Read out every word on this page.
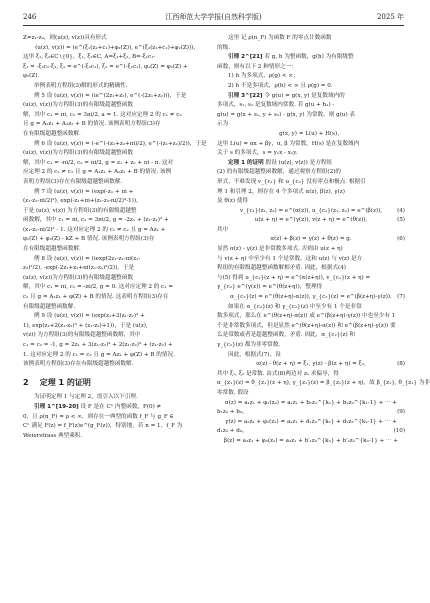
246	江西师范大学学报(自然科学版)	2025 年
Z=z₁-z₂，则(u(z), v(z))具有形式
(u(z), v(z)) = (e^(ξ₁(z₁+c₁)+φ₁(Z)), e^(ξ₂(z₁+c₁)+φ₂(Z)))，
这里 ξ₁, ξ₂∈C∖{0}，ξ₁, ξ₂∈C, A=ξ₁+ξ₂, B=-ξ₁c₁-
ξ₁ = -ξ₂c₁-ξ₂, ξ₁ = e^(-ξ₂c₁), ξ₂ = e^(-ξ₁c₁), φ₁(Z) = φ₂(Z) +
φ₂(Z).
举例表明方程组(3)解的形式的精确性.
例 5 设 (u(z), v(z)) = (ie^(2z₁+z₂), e^(-(2z₁+z₂)))，于是
(u(z), v(z))为方程组(3)的有限级超越整函数
解，其中 c₁ = πi, c₂ = 3πi/2, a = 1. 这对应定理 2 的 c₁ ≠ c₂
且 g = A₁z₁ + A₂z₂ + B 的情况. 该例表明方程组(3)存
在有限级超越整函数解.
例 6 设 (u(z), v(z)) = (-e^(-(z₁+z₂+πi)/2), e^(-(z₁+z₂)/2))，于是
(u(z), v(z))为方程组(3)的有限级超越整函数
解，其中 c₁ = -πi/2, c₂ = πi/2, g = z₁ + z₂ + πi - π. 这对
应定理 2 的 c₁ ≠ c₂ 且 g = A₁z₁ + A₂z₂ + B 的情况. 该例
表明方程组(3)存在有限级超越整函数解.
例 7 设 (u(z), v(z)) = (exp(-z₁ + πi +
(z₁-z₂-πi/2)²), exp(-z₁+πi+(z₁-z₂-πi/2)²-1))，
于是 (u(z), v(z)) 为方程组(3)的有限级超越整
函数解，其中 c₁ = πi, c₂ = 3πi/2, g = -2z₁ + (z₁-z₁)² +
(z₁-z₂-πi/2)² - 1. 这对应定理 2 的 c₁ ≠ c₂ 且 g = Az₁ +
φ₁(Z) + φ₂(Z) - kZ + B 情况. 该例表明方程组(3)存
在有限级超越整函数解.
例 8 设 (u(z), v(z)) = (iexp(2z₁-z₂-πi(z₁-
z₂)²/2), -exp(-2z₁+z₂+πi(z₁-z₂)²/2))，于是
(u(z), v(z))为方程组(3)的有限级超越整函数
解，其中 c₁ = πi, c₂ = -πi/2, g = 0. 这对应定理 2 的 c₁ =
c₂ 且 g = A₁z₁ + φ(Z) + B 的情况. 这表明方程组(3)存在
有限级超越整函数解.
例 9 设 (u(z), v(z)) = (exp(z₁+3(z₁-z₂)³ +
1), exp(z₁+2(z₁-z₂)³ + (z₁-z₂)+1))，于是 (u(z),
v(z)) 为方程组(3)的有限级超越整函数解，其中
c₁ = c₂ = -1, g = 2z₁ + 3(z₁-z₂)³ + 2(z₁-z₂)³ + (z₁-z₂) +
1. 这对应定理 2 的 c₁ = c₂ 且 g = Az₁ + φ(Z) + B 的情况.
该例表明方程组(3)存在有限级超越整函数解.
2 定理 1 的证明
为证明定理 1 与定理 2，需引入以下引理.
引理 1^[19-20] 设 F 是在 Cⁿ 内整函数，F(0) ≠
0，且 ρ(n_F) = ρ < ∞，则存在一典型的函数 f_F 与 g_F ∈
Cⁿ 满足 F(z) = f_F(z)e^(g_F(z))，特别地，若 n = 1，f_F 为
Weierstrass 典型乘积.
这里 记 ρ(n_F) 为函数 F 的零点计数函数
的级.
引理 2^[21] 若 g, h 为整函数，g(h) 为有限级整
函数，则有以下 2 种情形之一：
1) h 为多项式，ρ(g) < ∞；
2) h 不是多项式，ρ(h) < ∞ 且 ρ(g) = 0.
引理 3^[22] 令 g(u) = g(x, y) 是复数域内的
多项式，s₁, s₂ 是复数域内常数. 若 g(u + h₁) -
g(u) = g(x + s₁, y + s₂) - g(x, y) 为常数，则 g(u) 表
示为
g(x, y) = L(u) + H(s)，
这里 L(u) = αx + βy，α, β 为常数，H(s) 是在复数域内
关于 s 的多项式，s = y₁x - x₁y.
定理 1 的证明 假设 (u(z), v(z)) 是方程组
(2) 的有限级超越整函数解，通过观察方程组(2)的
形式，不难发现 v_{c₁} 和 u_{c₂} 没有零点和极点. 根据引
理 1 和引理 2，则存在 4 个多项式 α(z), β(z), γ(z)
及 θ(z) 使得
v_{c₁}(z₁, z₂) = e^(α(z)), u_{c₂}(z₁, z₂) = e^(β(z)),	(4)
u(z + η) = e^(γ(z)), v(z + η) = e^(θ(z)),	(5)
其中
α(z) + β(z) = γ(z) + θ(z) = g.	(6)
显然 α(z) - γ(z) 是非常数多项式. 否则由 u(z + η)
与 v(z + η) 中至少有 1 个是常数，这和 u(z) 与 v(z) 是方
程组的有限级超越整函数解相矛盾. 因此，根据式(4)
与(5) 得到 u_{c₂}(z + η) = e^(α(z+η)), v_{c₁}(z + η) =
γ_{c₂} e^(γ(z)) = e^(θ(z+η))，整理得
α_{c₂}(z) = e^(θ(z+η)-α(z)), γ_{c₂}(z) = e^(β(z+η)-γ(z)). (7)
如果在 α_{c₂}(z) 和 γ_{c₂}(z) 中至少有 1 个是非常
数多项式，那么在 e^(θ(z+η)-α(z)) 或 e^(β(z+η)-γ(z)) 中也至少有 1
个是非常数多项式，但是显然 e^(θ(z+η)-α(z)) 和 e^(β(z+η)-γ(z)) 要
么是常数或者是超越整函数，矛盾. 因此，α_{c₂}(z) 和
γ_{c₂}(z) 都为非零常数.
因此，根据式(7)，设
α(z) - θ(z + η) = ξ₁, γ(z) - β(z + η) = ξ₂,	(8)
其中 ξ₁, ξ₂ 是常数. 由式(8)两边对 z₁ 求偏导，得
α_{z₁}(z) = θ_{z₁}(z + η), γ_{z₁}(z) = β_{z₁}(z + η)，故 β_{z₁}, θ_{z₁} 为非
零常数. 假设
α(z) = a₁z₁ + φ₁(z₂) = a₁z₁ + b₁z₂^{k₁} + b₂z₂^{k₁-1} + ⋯ +
b₁z₂ + b₀，	(9)
γ(z) = a₂z₁ + φ₂(z₂) = a₂z₁ + d₁z₂^{k₂} + d₂z₂^{k₂-1} + ⋯ +
d₁z₂ + d₀，	(10)
β(z) = a₃z₁ + φ₃(z₂) = a₃z₁ + b′₁z₂^{k₃} + b′₂z₂^{k₃-1} + ⋯ +
